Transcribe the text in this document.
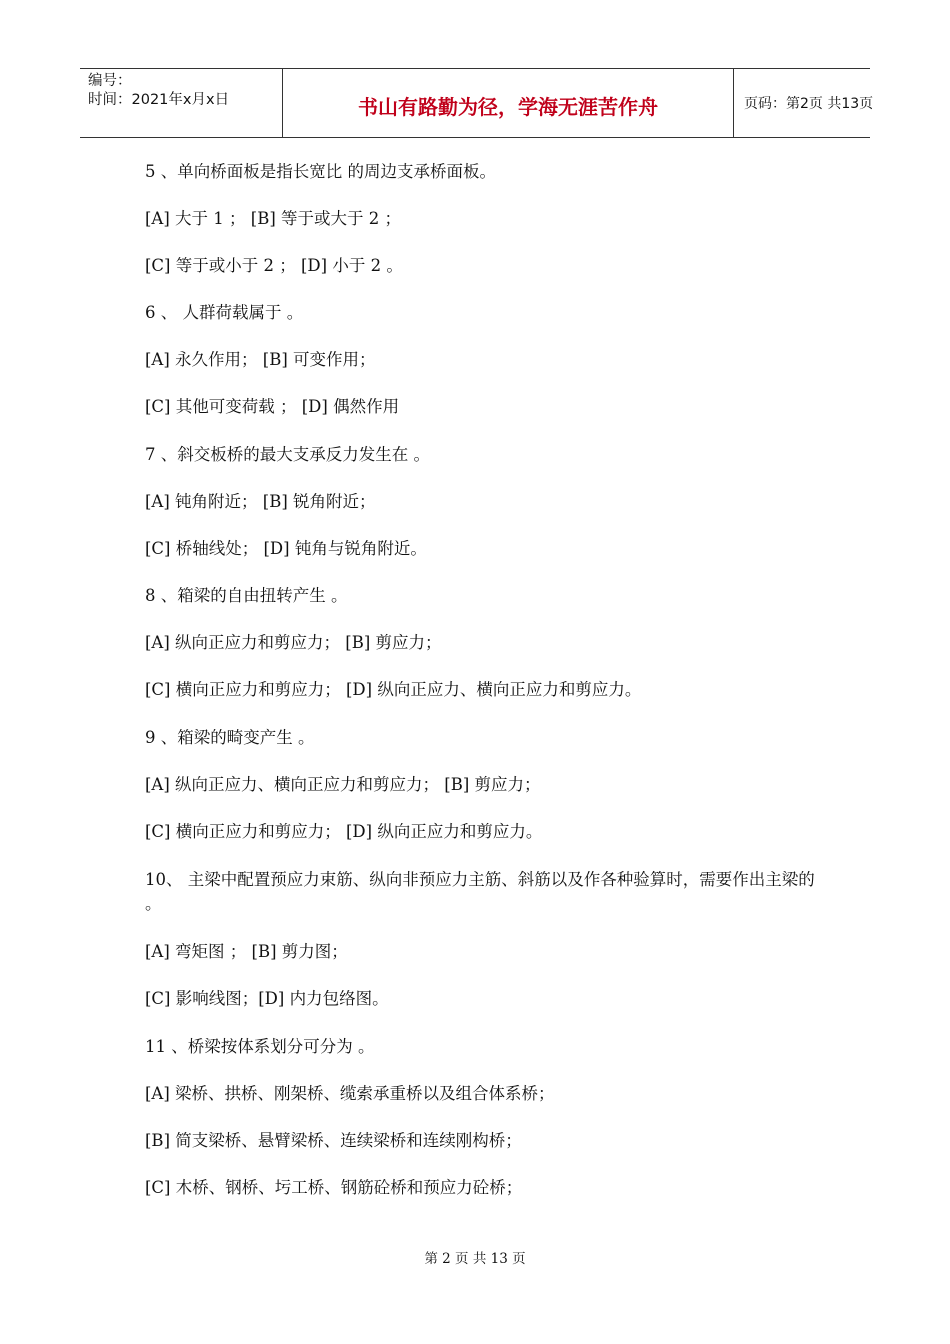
编号：
时间：2021年x月x日	书山有路勤为径，学海无涯苦作舟	页码：第2页 共13页
5 、单向桥面板是指长宽比 的周边支承桥面板。
[A] 大于 1 ； [B] 等于或大于 2 ；
[C] 等于或小于 2 ； [D] 小于 2 。
6 、 人群荷载属于 。
[A] 永久作用； [B] 可变作用；
[C] 其他可变荷载 ； [D] 偶然作用
7 、斜交板桥的最大支承反力发生在 。
[A] 钝角附近； [B] 锐角附近；
[C] 桥轴线处； [D] 钝角与锐角附近。
8 、箱梁的自由扭转产生 。
[A] 纵向正应力和剪应力； [B] 剪应力；
[C] 横向正应力和剪应力； [D] 纵向正应力、横向正应力和剪应力。
9 、箱梁的畸变产生 。
[A] 纵向正应力、横向正应力和剪应力； [B] 剪应力；
[C] 横向正应力和剪应力； [D] 纵向正应力和剪应力。
10、 主梁中配置预应力束筋、纵向非预应力主筋、斜筋以及作各种验算时，需要作出主梁的 。
[A] 弯矩图 ； [B] 剪力图；
[C] 影响线图；[D] 内力包络图。
11 、桥梁按体系划分可分为 。
[A] 梁桥、拱桥、刚架桥、缆索承重桥以及组合体系桥；
[B] 简支梁桥、悬臂梁桥、连续梁桥和连续刚构桥；
[C] 木桥、钢桥、圬工桥、钢筋砼桥和预应力砼桥；
第 2 页 共 13 页
